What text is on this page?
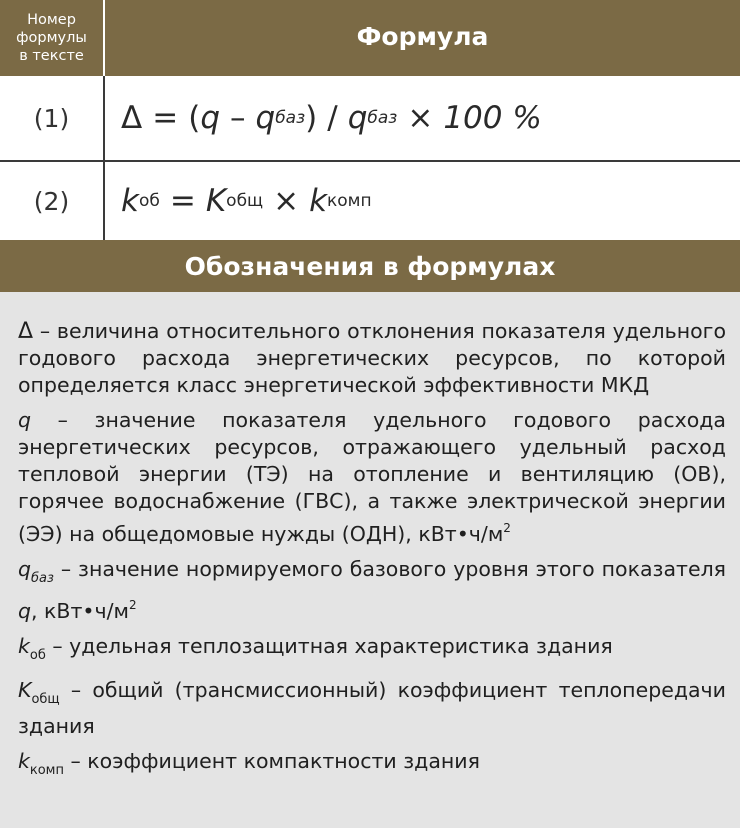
Номер
формулы
в тексте
Формула
(1)	Δ = ( q – q баз ) / q баз × 100 %
(2)	k об = K общ × k комп
Обозначения в формулах

Δ – величина относительного отклонения показателя удельного годового расхода энергетических ресурсов, по которой определяется класс энергетической эффективности МКД

q – значение показателя удельного годового расхода энергетических ресурсов, отражающего удельный расход тепловой энергии (ТЭ) на отопление и вентиляцию (ОВ), горячее водоснабжение (ГВС), а также электрической энергии (ЭЭ) на общедомовые нужды (ОДН), $кВт•ч/м^2$

$q_{баз}$ – значение нормируемого базового уровня этого показателя q, $кВт•ч/м^2$

$k_{об}$ – удельная теплозащитная характеристика здания

$K_{общ}$ – общий (трансмиссионный) коэффициент теплопередачи здания

$k_{комп}$ – коэффициент компактности здания
